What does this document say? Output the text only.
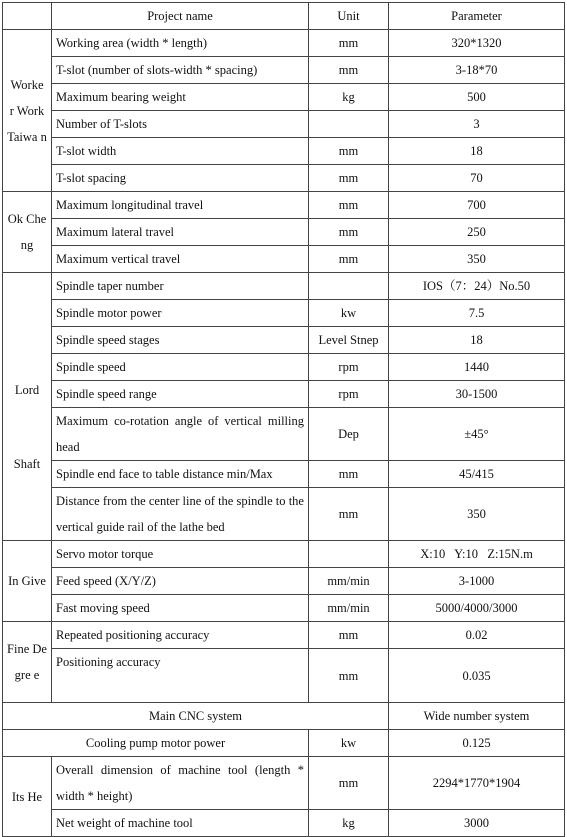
	Project name	Unit	Parameter
Worke r Work Taiwa n	Working area (width * length)	mm	320*1320
	T-slot (number of slots-width * spacing)	mm	3-18*70
	Maximum bearing weight	kg	500
	Number of T-slots		3
	T-slot width	mm	18
	T-slot spacing	mm	70
Ok Cheng	Maximum longitudinal travel	mm	700
	Maximum lateral travel	mm	250
	Maximum vertical travel	mm	350

Lord
Shaft	Spindle taper number		IOS（7：24）No.50
	Spindle motor power	kw	7.5
	Spindle speed stages	Level Stnep	18
	Spindle speed	rpm	1440
	Spindle speed range	rpm	30-1500
	Maximum co-rotation angle of vertical milling head	Dep	±45°
	Spindle end face to table distance min/Max	mm	45/415
	Distance from the center line of the spindle to the vertical guide rail of the lathe bed	mm	350
In Give	Servo motor torque		X:10   Y:10   Z:15N.m
	Feed speed (X/Y/Z)	mm/min	3-1000
	Fast moving speed	mm/min	5000/4000/3000
Fine Degre e	Repeated positioning accuracy	mm	0.02
	Positioning accuracy	mm	0.035
Main CNC system			Wide number system
Cooling pump motor power		kw	0.125
Its He	Overall dimension of machine tool (length * width * height)	mm	2294*1770*1904
	Net weight of machine tool	kg	3000
